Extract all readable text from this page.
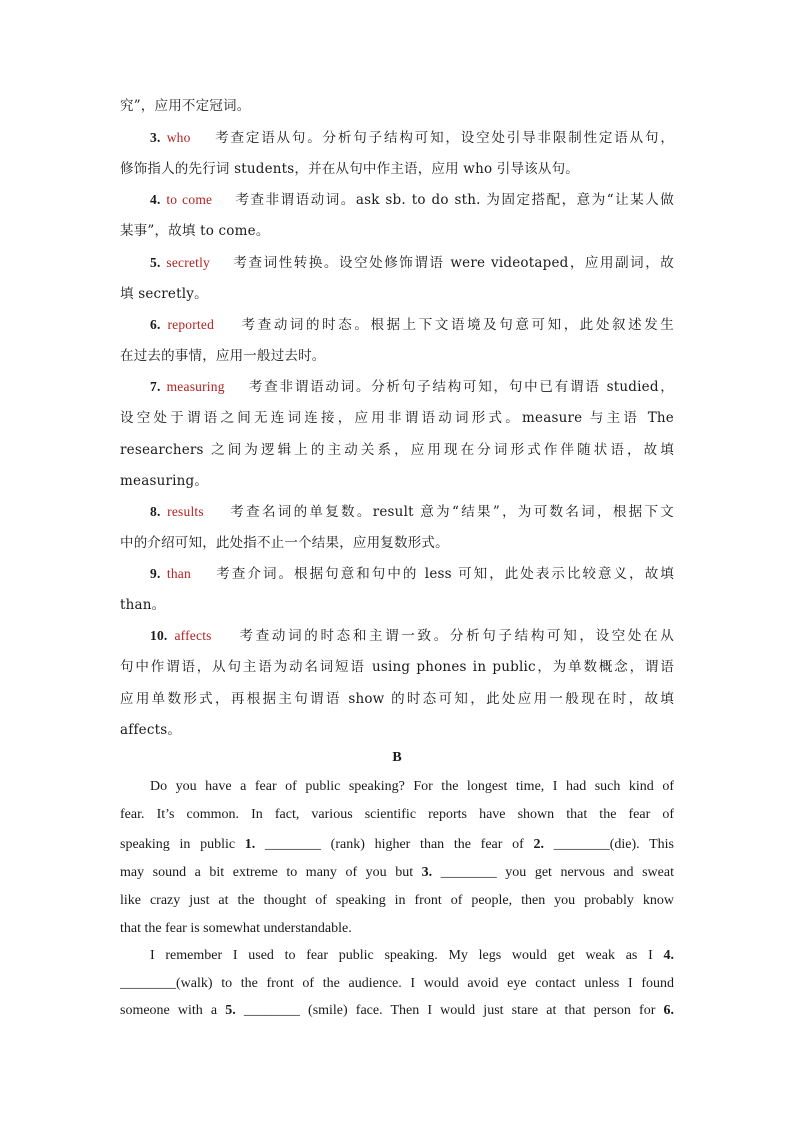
究”，应用不定冠词。
3. who 考查定语从句。分析句子结构可知，设空处引导非限制性定语从句，
修饰指人的先行词 students，并在从句中作主语，应用 who 引导该从句。
4. to come 考查非谓语动词。ask sb. to do sth. 为固定搭配，意为“让某人做
某事”，故填 to come。
5. secretly 考查词性转换。设空处修饰谓语 were videotaped，应用副词，故
填 secretly。
6. reported 考查动词的时态。根据上下文语境及句意可知，此处叙述发生
在过去的事情，应用一般过去时。
7. measuring 考查非谓语动词。分析句子结构可知，句中已有谓语 studied，
设空处于谓语之间无连词连接，应用非谓语动词形式。measure 与主语 The
researchers 之间为逻辑上的主动关系，应用现在分词形式作伴随状语，故填
measuring。
8. results 考查名词的单复数。result 意为“结果”，为可数名词，根据下文
中的介绍可知，此处指不止一个结果，应用复数形式。
9. than 考查介词。根据句意和句中的 less 可知，此处表示比较意义，故填
than。
10. affects 考查动词的时态和主谓一致。分析句子结构可知，设空处在从
句中作谓语，从句主语为动名词短语 using phones in public，为单数概念，谓语
应用单数形式，再根据主句谓语 show 的时态可知，此处应用一般现在时，故填
affects。
B
Do you have a fear of public speaking? For the longest time, I had such kind of
fear. It’s common. In fact, various scientific reports have shown that the fear of
speaking in public 1. ________ (rank) higher than the fear of 2. ________(die). This
may sound a bit extreme to many of you but 3. ________ you get nervous and sweat
like crazy just at the thought of speaking in front of people, then you probably know
that the fear is somewhat understandable.
I remember I used to fear public speaking. My legs would get weak as I 4.
________(walk) to the front of the audience. I would avoid eye contact unless I found
someone with a 5. ________ (smile) face. Then I would just stare at that person for 6.
